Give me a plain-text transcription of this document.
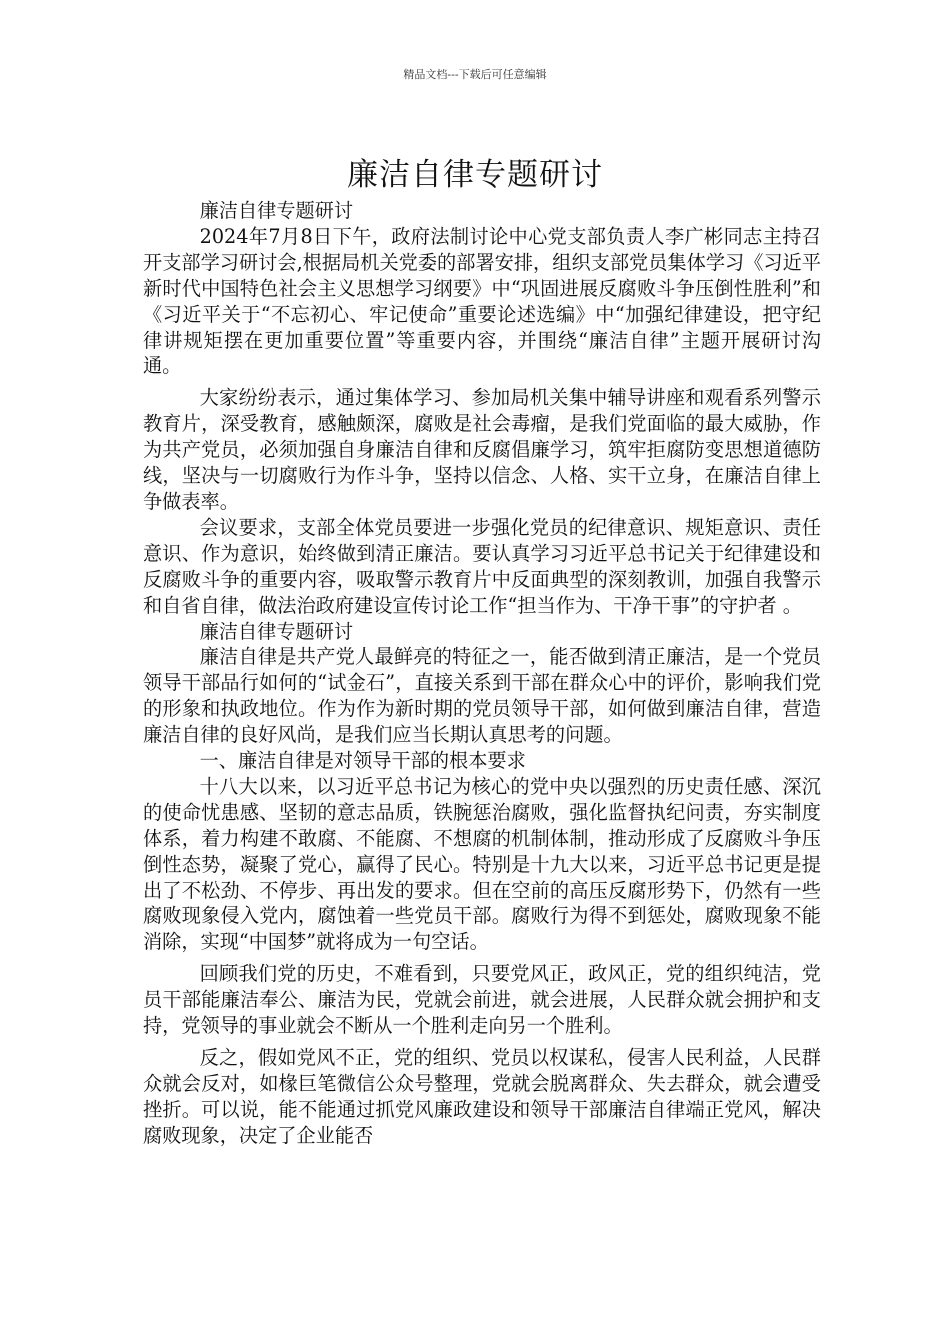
精品文档---下载后可任意编辑
廉洁自律专题研讨

廉洁自律专题研讨

2024年7月8日下午，政府法制讨论中心党支部负责人李广彬同志主持召开支部学习研讨会,根据局机关党委的部署安排，组织支部党员集体学习《习近平新时代中国特色社会主义思想学习纲要》中“巩固进展反腐败斗争压倒性胜利”和《习近平关于“不忘初心、牢记使命”重要论述选编》中“加强纪律建设，把守纪律讲规矩摆在更加重要位置”等重要内容，并围绕“廉洁自律”主题开展研讨沟通。

大家纷纷表示，通过集体学习、参加局机关集中辅导讲座和观看系列警示教育片，深受教育，感触颇深，腐败是社会毒瘤，是我们党面临的最大威胁，作为共产党员，必须加强自身廉洁自律和反腐倡廉学习，筑牢拒腐防变思想道德防线，坚决与一切腐败行为作斗争，坚持以信念、人格、实干立身，在廉洁自律上争做表率。

会议要求，支部全体党员要进一步强化党员的纪律意识、规矩意识、责任意识、作为意识，始终做到清正廉洁。要认真学习习近平总书记关于纪律建设和反腐败斗争的重要内容，吸取警示教育片中反面典型的深刻教训，加强自我警示和自省自律，做法治政府建设宣传讨论工作“担当作为、干净干事”的守护者 。

廉洁自律专题研讨

廉洁自律是共产党人最鲜亮的特征之一，能否做到清正廉洁，是一个党员领导干部品行如何的“试金石”，直接关系到干部在群众心中的评价，影响我们党的形象和执政地位。作为作为新时期的党员领导干部，如何做到廉洁自律，营造廉洁自律的良好风尚，是我们应当长期认真思考的问题。

一、廉洁自律是对领导干部的根本要求

十八大以来，以习近平总书记为核心的党中央以强烈的历史责任感、深沉的使命忧患感、坚韧的意志品质，铁腕惩治腐败，强化监督执纪问责，夯实制度体系，着力构建不敢腐、不能腐、不想腐的机制体制，推动形成了反腐败斗争压倒性态势，凝聚了党心，赢得了民心。特别是十九大以来，习近平总书记更是提出了不松劲、不停步、再出发的要求。但在空前的高压反腐形势下，仍然有一些腐败现象侵入党内，腐蚀着一些党员干部。腐败行为得不到惩处，腐败现象不能消除，实现“中国梦”就将成为一句空话。

回顾我们党的历史，不难看到，只要党风正，政风正，党的组织纯洁，党员干部能廉洁奉公、廉洁为民，党就会前进，就会进展，人民群众就会拥护和支持，党领导的事业就会不断从一个胜利走向另一个胜利。

反之，假如党风不正，党的组织、党员以权谋私，侵害人民利益，人民群众就会反对，如椽巨笔微信公众号整理，党就会脱离群众、失去群众，就会遭受挫折。可以说，能不能通过抓党风廉政建设和领导干部廉洁自律端正党风，解决腐败现象，决定了企业能否
